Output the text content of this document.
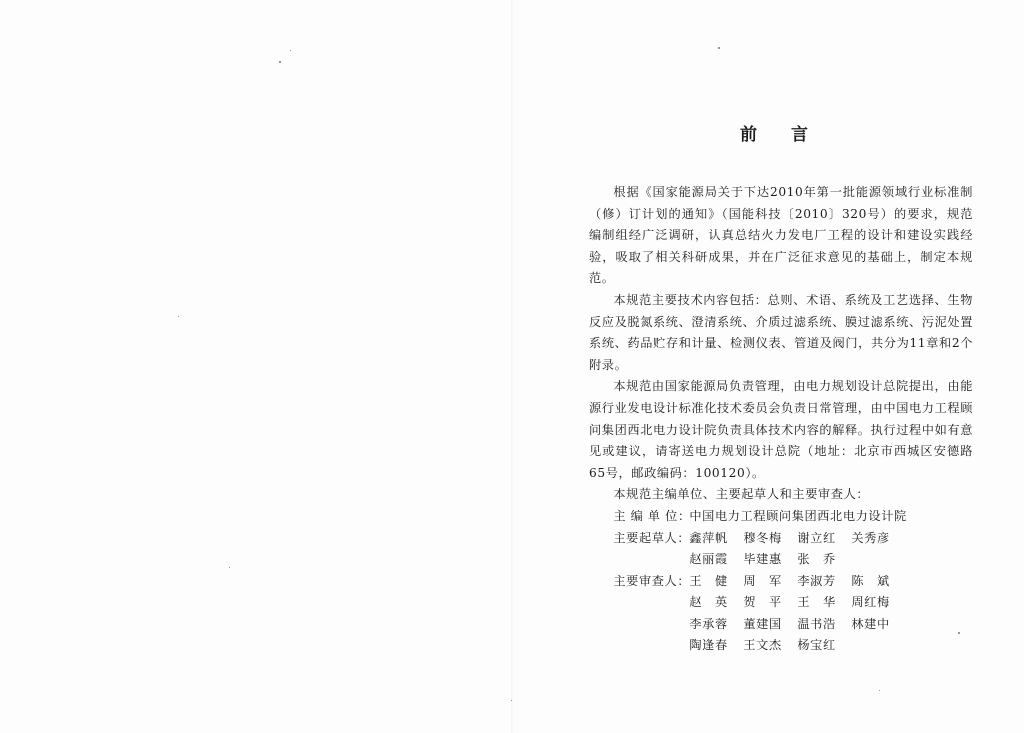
前　　言

根据《国家能源局关于下达2010年第一批能源领域行业标准制（修）订计划的通知》（国能科技〔2010〕320号）的要求，规范编制组经广泛调研，认真总结火力发电厂工程的设计和建设实践经验，吸取了相关科研成果，并在广泛征求意见的基础上，制定本规范。

本规范主要技术内容包括：总则、术语、系统及工艺选择、生物反应及脱氮系统、澄清系统、介质过滤系统、膜过滤系统、污泥处置系统、药品贮存和计量、检测仪表、管道及阀门，共分为11章和2个附录。

本规范由国家能源局负责管理，由电力规划设计总院提出，由能源行业发电设计标准化技术委员会负责日常管理，由中国电力工程顾问集团西北电力设计院负责具体技术内容的解释。执行过程中如有意见或建议，请寄送电力规划设计总院（地址：北京市西城区安德路65号，邮政编码：100120）。

本规范主编单位、主要起草人和主要审查人：

主 编 单 位：
中国电力工程顾问集团西北电力设计院
主要起草人： 鑫萍帆	穆冬梅	谢立红	关秀彦
赵丽霞	毕建惠	张　乔
主要审查人： 王　健	周　军	李淑芳	陈　斌
赵　英	贺　平	王　华	周红梅
李承蓉	董建国	温书浩	林建中
陶逢春	王文杰	杨宝红
